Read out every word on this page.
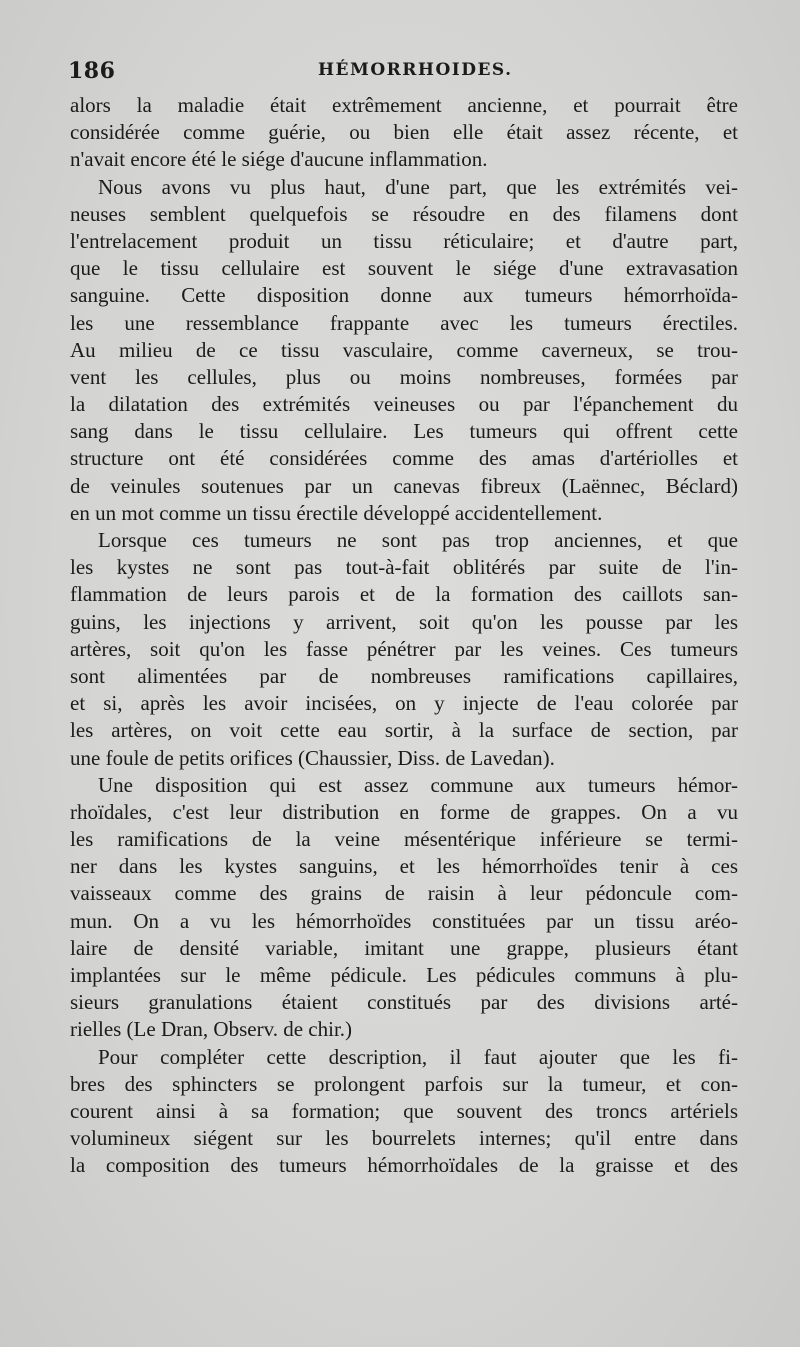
186	HÉMORRHOIDES.
alors la maladie était extrêmement ancienne, et pourrait être
considérée comme guérie, ou bien elle était assez récente, et
n'avait encore été le siége d'aucune inflammation.
Nous avons vu plus haut, d'une part, que les extrémités vei-
neuses semblent quelquefois se résoudre en des filamens dont
l'entrelacement produit un tissu réticulaire; et d'autre part,
que le tissu cellulaire est souvent le siége d'une extravasation
sanguine. Cette disposition donne aux tumeurs hémorrhoïda-
les une ressemblance frappante avec les tumeurs érectiles.
Au milieu de ce tissu vasculaire, comme caverneux, se trou-
vent les cellules, plus ou moins nombreuses, formées par
la dilatation des extrémités veineuses ou par l'épanchement du
sang dans le tissu cellulaire. Les tumeurs qui offrent cette
structure ont été considérées comme des amas d'artériolles et
de veinules soutenues par un canevas fibreux (Laënnec, Béclard)
en un mot comme un tissu érectile développé accidentellement.
Lorsque ces tumeurs ne sont pas trop anciennes, et que
les kystes ne sont pas tout-à-fait oblitérés par suite de l'in-
flammation de leurs parois et de la formation des caillots san-
guins, les injections y arrivent, soit qu'on les pousse par les
artères, soit qu'on les fasse pénétrer par les veines. Ces tumeurs
sont alimentées par de nombreuses ramifications capillaires,
et si, après les avoir incisées, on y injecte de l'eau colorée par
les artères, on voit cette eau sortir, à la surface de section, par
une foule de petits orifices (Chaussier, Diss. de Lavedan).
Une disposition qui est assez commune aux tumeurs hémor-
rhoïdales, c'est leur distribution en forme de grappes. On a vu
les ramifications de la veine mésentérique inférieure se termi-
ner dans les kystes sanguins, et les hémorrhoïdes tenir à ces
vaisseaux comme des grains de raisin à leur pédoncule com-
mun. On a vu les hémorrhoïdes constituées par un tissu aréo-
laire de densité variable, imitant une grappe, plusieurs étant
implantées sur le même pédicule. Les pédicules communs à plu-
sieurs granulations étaient constitués par des divisions arté-
rielles (Le Dran, Observ. de chir.)
Pour compléter cette description, il faut ajouter que les fi-
bres des sphincters se prolongent parfois sur la tumeur, et con-
courent ainsi à sa formation; que souvent des troncs artériels
volumineux siégent sur les bourrelets internes; qu'il entre dans
la composition des tumeurs hémorrhoïdales de la graisse et des
